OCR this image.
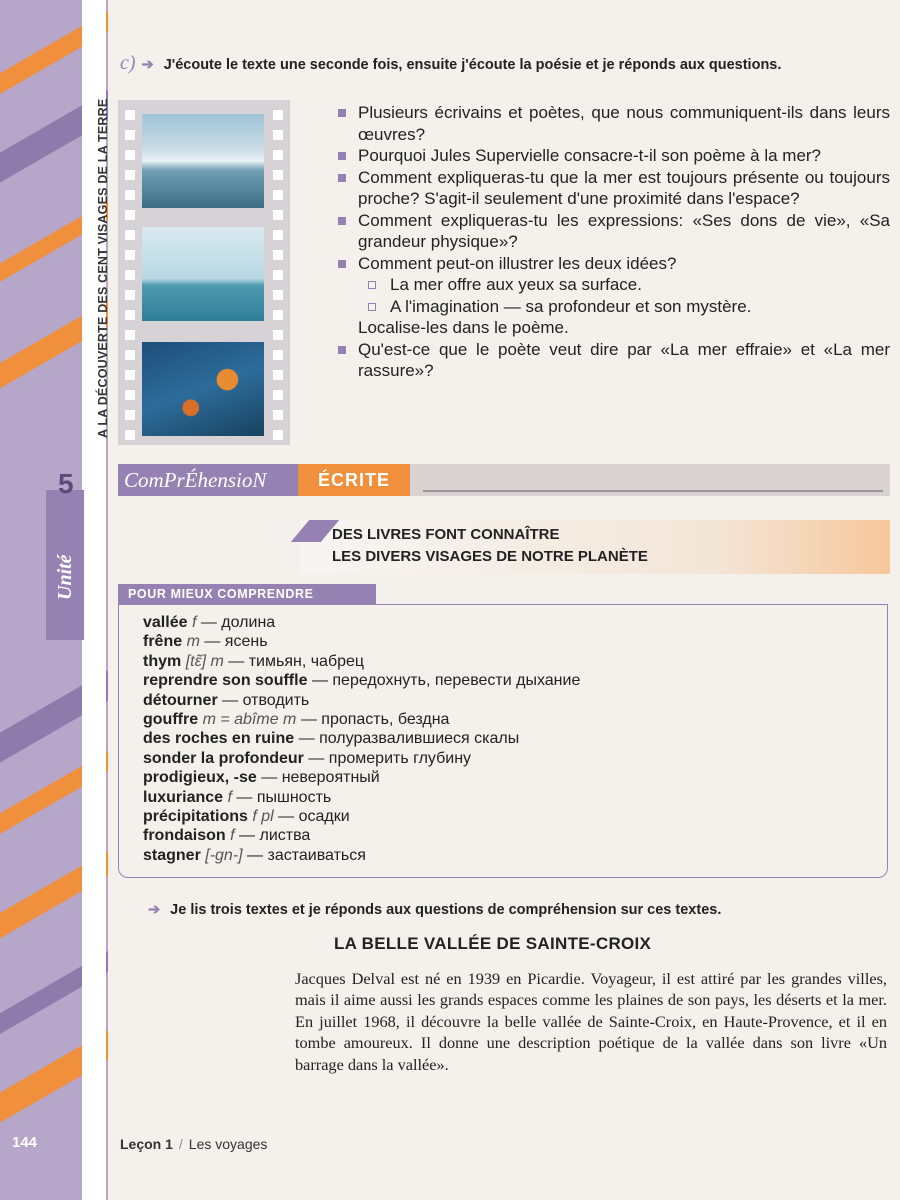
Unité
5
A LA DÉCOUVERTE DES CENT VISAGES DE LA TERRE
144
c) ➔ J'écoute le texte une seconde fois, ensuite j'écoute la poésie et je réponds aux questions.
Plusieurs écrivains et poètes, que nous communiquent-ils dans leurs œuvres?
Pourquoi Jules Supervielle consacre-t-il son poème à la mer?
Comment expliqueras-tu que la mer est toujours présente ou toujours proche? S'agit-il seulement d'une proximité dans l'espace?
Comment expliqueras-tu les expressions: «Ses dons de vie», «Sa grandeur physique»?
Comment peut-on illustrer les deux idées?
La mer offre aux yeux sa surface.
A l'imagination — sa profondeur et son mystère.
Localise-les dans le poème.
Qu'est-ce que le poète veut dire par «La mer effraie» et «La mer rassure»?
ComPrÉhensioN	ÉCRITE
DES LIVRES FONT CONNAÎTRE
LES DIVERS VISAGES DE NOTRE PLANÈTE
POUR MIEUX COMPRENDRE
vallée f — долина
frêne m — ясень
thym [tɛ̃] m — тимьян, чабрец
reprendre son souffle — передохнуть, перевести дыхание
détourner — отводить
gouffre m = abîme m — пропасть, бездна
des roches en ruine — полуразвалившиеся скалы
sonder la profondeur — промерить глубину
prodigieux, -se — невероятный
luxuriance f — пышность
précipitations f pl — осадки
frondaison f — листва
stagner [-gn-] — застаиваться
➔ Je lis trois textes et je réponds aux questions de compréhension sur ces textes.
LA BELLE VALLÉE DE SAINTE-CROIX
Jacques Delval est né en 1939 en Picardie. Voyageur, il est attiré par les grandes villes, mais il aime aussi les grands espaces comme les plaines de son pays, les déserts et la mer. En juillet 1968, il découvre la belle vallée de Sainte-Croix, en Haute-Provence, et il en tombe amoureux. Il donne une description poétique de la vallée dans son livre «Un barrage dans la vallée».
Leçon 1 / Les voyages
